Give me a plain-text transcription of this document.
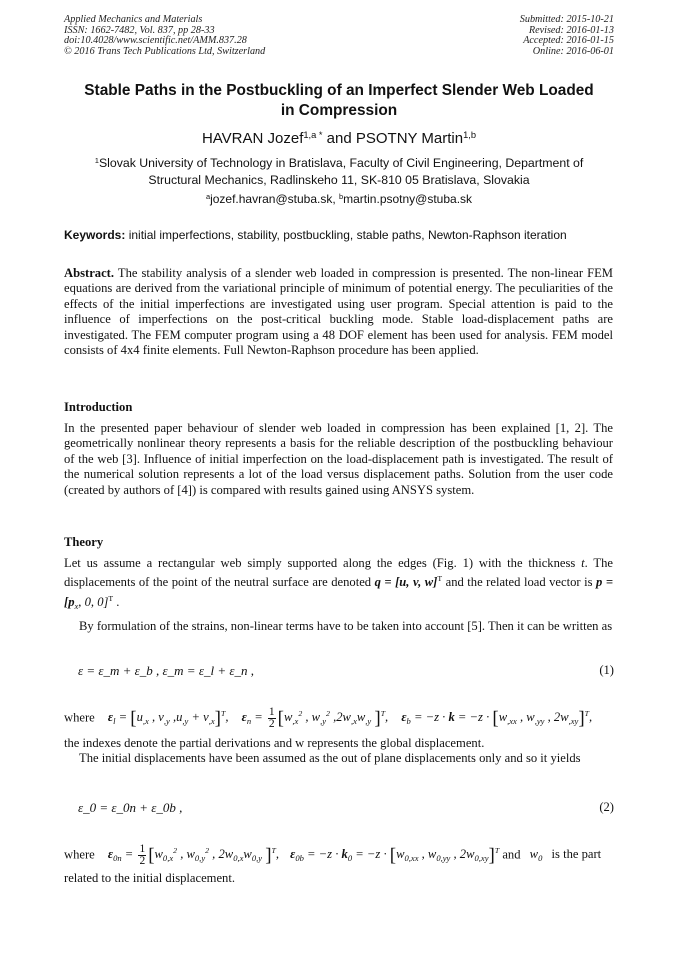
Applied Mechanics and Materials
ISSN: 1662-7482, Vol. 837, pp 28-33
doi:10.4028/www.scientific.net/AMM.837.28
© 2016 Trans Tech Publications Ltd, Switzerland
Submitted: 2015-10-21
Revised: 2016-01-13
Accepted: 2016-01-15
Online: 2016-06-01
Stable Paths in the Postbuckling of an Imperfect Slender Web Loaded
in Compression
HAVRAN Jozef$^{1,a *}$ and PSOTNY Martin$^{1,b}$
$^1$Slovak University of Technology in Bratislava, Faculty of Civil Engineering, Department of
Structural Mechanics, Radlinskeho 11, SK-810 05 Bratislava, Slovakia
$^a$jozef.havran@stuba.sk, $^b$martin.psotny@stuba.sk
Keywords: initial imperfections, stability, postbuckling, stable paths, Newton-Raphson iteration

Abstract. The stability analysis of a slender web loaded in compression is presented. The non-linear FEM equations are derived from the variational principle of minimum of potential energy. The peculiarities of the effects of the initial imperfections are investigated using user program. Special attention is paid to the influence of imperfections on the post-critical buckling mode. Stable load-displacement paths are investigated. The FEM computer program using a 48 DOF element has been used for analysis. FEM model consists of 4x4 finite elements. Full Newton-Raphson procedure has been applied.

Introduction

In the presented paper behaviour of slender web loaded in compression has been explained [1, 2]. The geometrically nonlinear theory represents a basis for the reliable description of the postbuckling behaviour of the web [3]. Influence of initial imperfection on the load-displacement path is investigated. The result of the numerical solution represents a lot of the load versus displacement paths. Solution from the user code (created by authors of [4]) is compared with results gained using ANSYS system.

Theory

Let us assume a rectangular web simply supported along the edges (Fig. 1) with the thickness t. The displacements of the point of the neutral surface are denoted q = [u, v, w]$^T$ and the related load vector is $p = [p_x$, 0, 0]$^T$ .

By formulation of the strains, non-linear terms have to be taken into account [5]. Then it can be written as

ε = ε_m + ε_b , ε_m = ε_l + ε_n ,	(1)
where $\varepsilon_l = [u_{,x}$ , $v_{,y}$ $,u_{,y} + v_{,x}]^T$, $\varepsilon_n = \frac{1}{2} [w_{,x}^2$ , $w_{,y}^2$ $,2w_{,x}w_{,y}$ ]$^T$, $\varepsilon_b = -z \cdot k = -z \cdot [w_{,xx}$ , $w_{,yy}$ , $2w_{,xy}]^T$,

the indexes denote the partial derivations and w represents the global displacement.

The initial displacements have been assumed as the out of plane displacements only and so it yields

ε_0 = ε_0n + ε_0b ,	(2)
where $\varepsilon_{0n} = \frac{1}{2} [w_{0,x}^2$ , $w_{0,y}^2$ , $2w_{0,x}w_{0,y}$ ]$^T$, $\varepsilon_{0b} = -z \cdot k_0 = -z \cdot [w_{0,xx}$ , $w_{0,yy}$ , $2w_{0,xy}]^T$ and $w_0$ is the part
related to the initial displacement.
